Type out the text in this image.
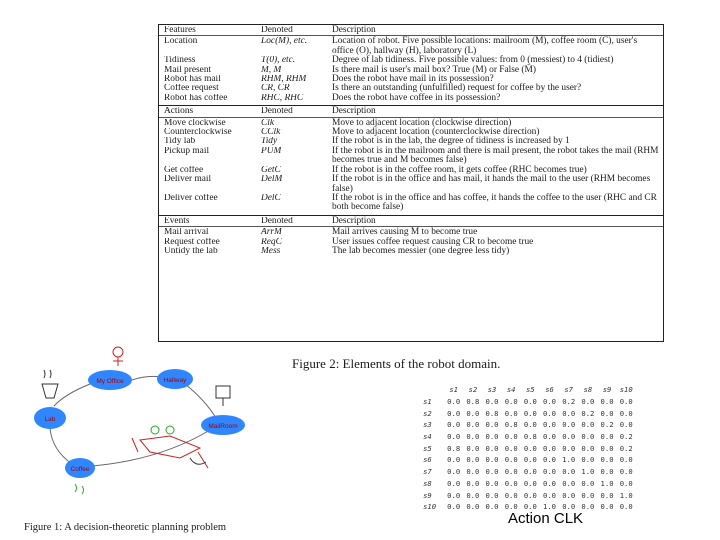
Features	Denoted	Description
Location	Loc(M), etc.	Location of robot. Five possible locations: mailroom (M), coffee room (C), user's office (O), hallway (H), laboratory (L)
Tidiness	T(0), etc.	Degree of lab tidiness. Five possible values: from 0 (messiest) to 4 (tidiest)
Mail present	M, M̄	Is there mail is user's mail box? True (M) or False (M̄)
Robot has mail	RHM, R̄H̄M̄	Does the robot have mail in its possession?
Coffee request	CR, C̄R̄	Is there an outstanding (unfulfilled) request for coffee by the user?
Robot has coffee	RHC, R̄H̄C̄	Does the robot have coffee in its possession?
Actions	Denoted	Description
Move clockwise	Clk	Move to adjacent location (clockwise direction)
Counterclockwise	CClk	Move to adjacent location (counterclockwise direction)
Tidy lab	Tidy	If the robot is in the lab, the degree of tidiness is increased by 1
Pickup mail	PUM	If the robot is in the mailroom and there is mail present, the robot takes the mail (RHM becomes true and M becomes false)
Get coffee	GetC	If the robot is in the coffee room, it gets coffee (RHC becomes true)
Deliver mail	DelM	If the robot is in the office and has mail, it hands the mail to the user (RHM becomes false)
Deliver coffee	DelC	If the robot is in the office and has coffee, it hands the coffee to the user (RHC and CR both become false)
Events	Denoted	Description
Mail arrival	ArrM	Mail arrives causing M to become true
Request coffee	ReqC	User issues coffee request causing CR to become true
Untidy the lab	Mess	The lab becomes messier (one degree less tidy)
Figure 2: Elements of the robot domain.
My Office	Hallway
Lab
MailRoom
Coffee
Figure 1: A decision-theoretic planning problem
	s1	s2	s3	s4	s5	s6	s7	s8	s9	s10
s1	0.0	0.8	0.0	0.0	0.0	0.0	0.2	0.0	0.0	0.0
s2	0.0	0.0	0.8	0.0	0.0	0.0	0.0	0.2	0.0	0.0
s3	0.0	0.0	0.0	0.8	0.0	0.0	0.0	0.0	0.2	0.0
s4	0.0	0.0	0.0	0.0	0.8	0.0	0.0	0.0	0.0	0.2
s5	0.8	0.0	0.0	0.0	0.0	0.0	0.0	0.0	0.0	0.2
s6	0.0	0.0	0.0	0.0	0.0	0.0	1.0	0.0	0.0	0.0
s7	0.0	0.0	0.0	0.0	0.0	0.0	0.0	1.0	0.0	0.0
s8	0.0	0.0	0.0	0.0	0.0	0.0	0.0	0.0	1.0	0.0
s9	0.0	0.0	0.0	0.0	0.0	0.0	0.0	0.0	0.0	1.0
s10	0.0	0.0	0.0	0.0	0.0	1.0	0.0	0.0	0.0	0.0
Action CLK
